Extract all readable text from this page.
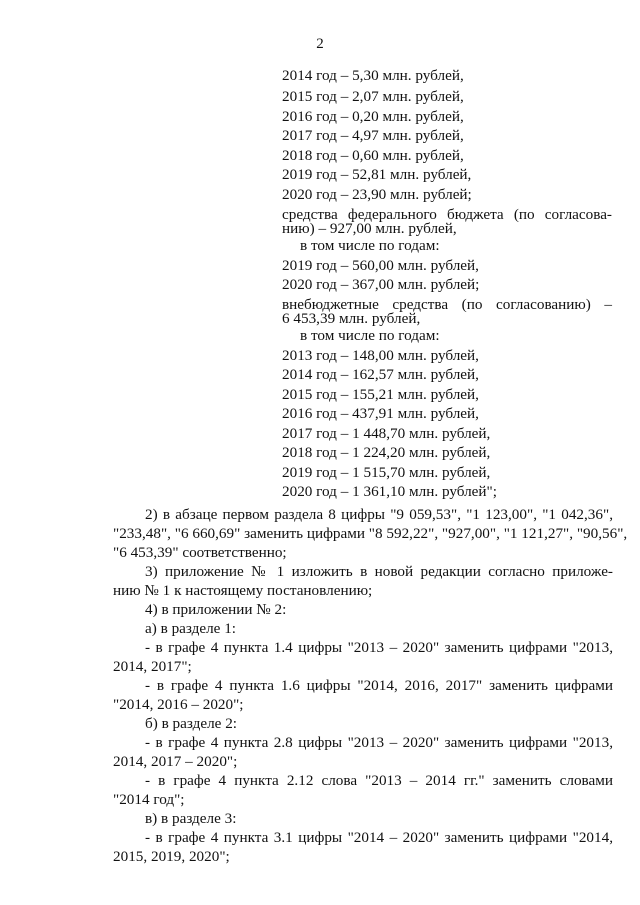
2
2014 год – 5,30 млн. рублей,
2015 год – 2,07 млн. рублей,
2016 год – 0,20 млн. рублей,
2017 год – 4,97 млн. рублей,
2018 год – 0,60 млн. рублей,
2019 год – 52,81 млн. рублей,
2020 год – 23,90 млн. рублей;
средства федерального бюджета (по согласова-
нию) – 927,00 млн. рублей,
в том числе по годам:
2019 год – 560,00 млн. рублей,
2020 год – 367,00 млн. рублей;
внебюджетные средства (по согласованию) –
6 453,39 млн. рублей,
в том числе по годам:
2013 год – 148,00 млн. рублей,
2014 год – 162,57 млн. рублей,
2015 год – 155,21 млн. рублей,
2016 год – 437,91 млн. рублей,
2017 год – 1 448,70 млн. рублей,
2018 год – 1 224,20 млн. рублей,
2019 год – 1 515,70 млн. рублей,
2020 год – 1 361,10 млн. рублей";
2) в абзаце первом раздела 8 цифры "9 059,53", "1 123,00", "1 042,36",
"233,48", "6 660,69" заменить цифрами "8 592,22", "927,00", "1 121,27", "90,56",
"6 453,39" соответственно;
3) приложение № 1 изложить в новой редакции согласно приложе-
нию № 1 к настоящему постановлению;
4) в приложении № 2:
а) в разделе 1:
- в графе 4 пункта 1.4 цифры "2013 – 2020" заменить цифрами "2013,
2014, 2017";
- в графе 4 пункта 1.6 цифры "2014, 2016, 2017" заменить цифрами
"2014, 2016 – 2020";
б) в разделе 2:
- в графе 4 пункта 2.8 цифры "2013 – 2020" заменить цифрами "2013,
2014, 2017 – 2020";
- в графе 4 пункта 2.12 слова "2013 – 2014 гг." заменить словами
"2014 год";
в) в разделе 3:
- в графе 4 пункта 3.1 цифры "2014 – 2020" заменить цифрами "2014,
2015, 2019, 2020";
